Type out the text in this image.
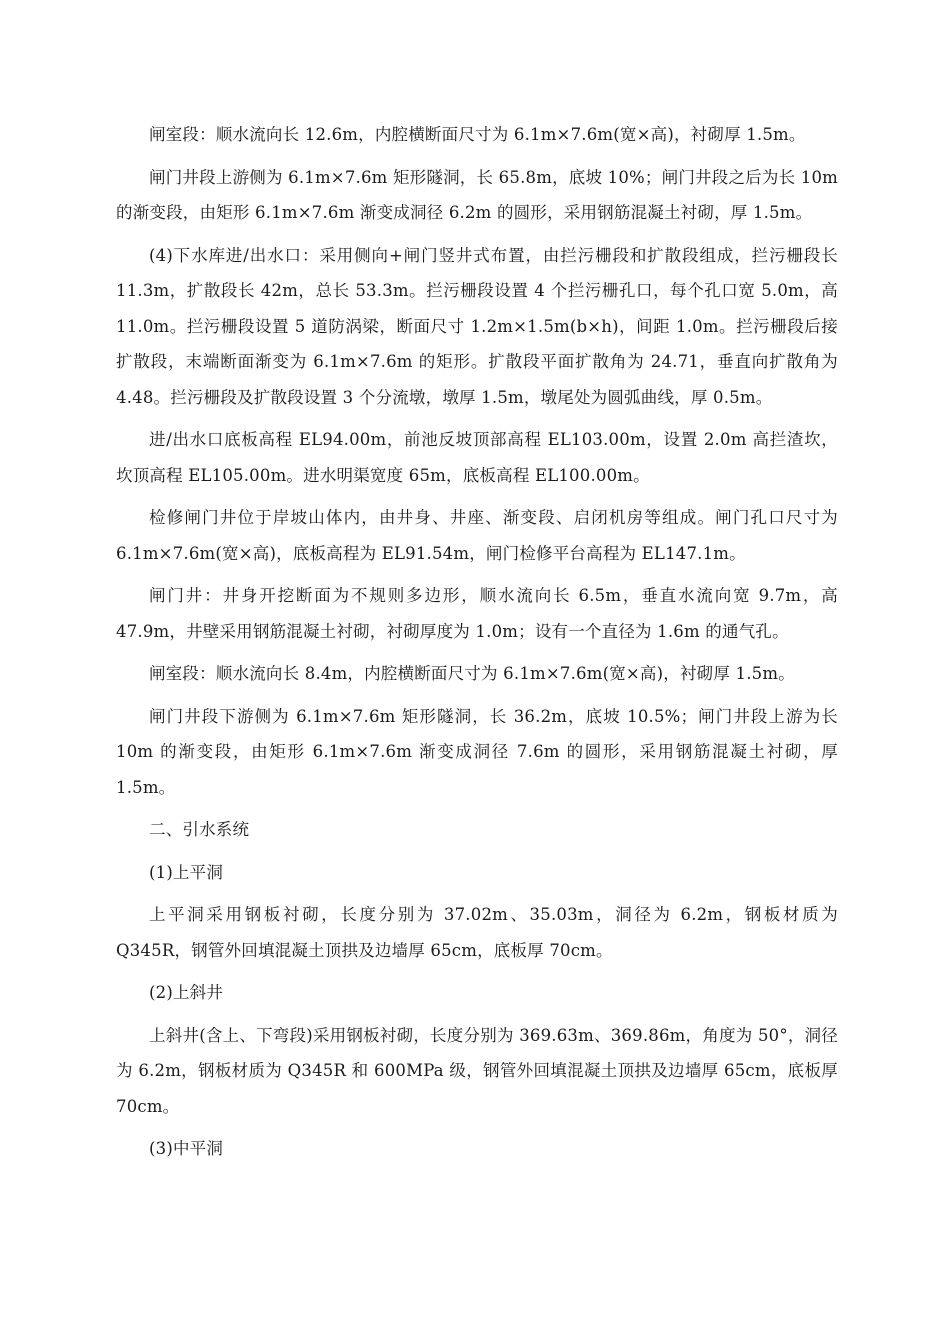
闸室段：顺水流向长 12.6m，内腔横断面尺寸为 6.1m×7.6m(宽×高)，衬砌厚 1.5m。

闸门井段上游侧为 6.1m×7.6m 矩形隧洞，长 65.8m，底坡 10%；闸门井段之后为长 10m 的渐变段，由矩形 6.1m×7.6m 渐变成洞径 6.2m 的圆形，采用钢筋混凝土衬砌，厚 1.5m。

(4)下水库进/出水口：采用侧向+闸门竖井式布置，由拦污栅段和扩散段组成，拦污栅段长 11.3m，扩散段长 42m，总长 53.3m。拦污栅段设置 4 个拦污栅孔口，每个孔口宽 5.0m，高 11.0m。拦污栅段设置 5 道防涡梁，断面尺寸 1.2m×1.5m(b×h)，间距 1.0m。拦污栅段后接扩散段，末端断面渐变为 6.1m×7.6m 的矩形。扩散段平面扩散角为 24.71，垂直向扩散角为 4.48。拦污栅段及扩散段设置 3 个分流墩，墩厚 1.5m，墩尾处为圆弧曲线，厚 0.5m。

进/出水口底板高程 EL94.00m，前池反坡顶部高程 EL103.00m，设置 2.0m 高拦渣坎，坎顶高程 EL105.00m。进水明渠宽度 65m，底板高程 EL100.00m。

检修闸门井位于岸坡山体内，由井身、井座、渐变段、启闭机房等组成。闸门孔口尺寸为 6.1m×7.6m(宽×高)，底板高程为 EL91.54m，闸门检修平台高程为 EL147.1m。

闸门井：井身开挖断面为不规则多边形，顺水流向长 6.5m，垂直水流向宽 9.7m，高 47.9m，井壁采用钢筋混凝土衬砌，衬砌厚度为 1.0m；设有一个直径为 1.6m 的通气孔。

闸室段：顺水流向长 8.4m，内腔横断面尺寸为 6.1m×7.6m(宽×高)，衬砌厚 1.5m。

闸门井段下游侧为 6.1m×7.6m 矩形隧洞，长 36.2m，底坡 10.5%；闸门井段上游为长 10m 的渐变段，由矩形 6.1m×7.6m 渐变成洞径 7.6m 的圆形，采用钢筋混凝土衬砌，厚 1.5m。

二、引水系统

(1)上平洞

上平洞采用钢板衬砌，长度分别为 37.02m、35.03m，洞径为 6.2m，钢板材质为 Q345R，钢管外回填混凝土顶拱及边墙厚 65cm，底板厚 70cm。

(2)上斜井

上斜井(含上、下弯段)采用钢板衬砌，长度分别为 369.63m、369.86m，角度为 50°，洞径为 6.2m，钢板材质为 Q345R 和 600MPa 级，钢管外回填混凝土顶拱及边墙厚 65cm，底板厚 70cm。

(3)中平洞
